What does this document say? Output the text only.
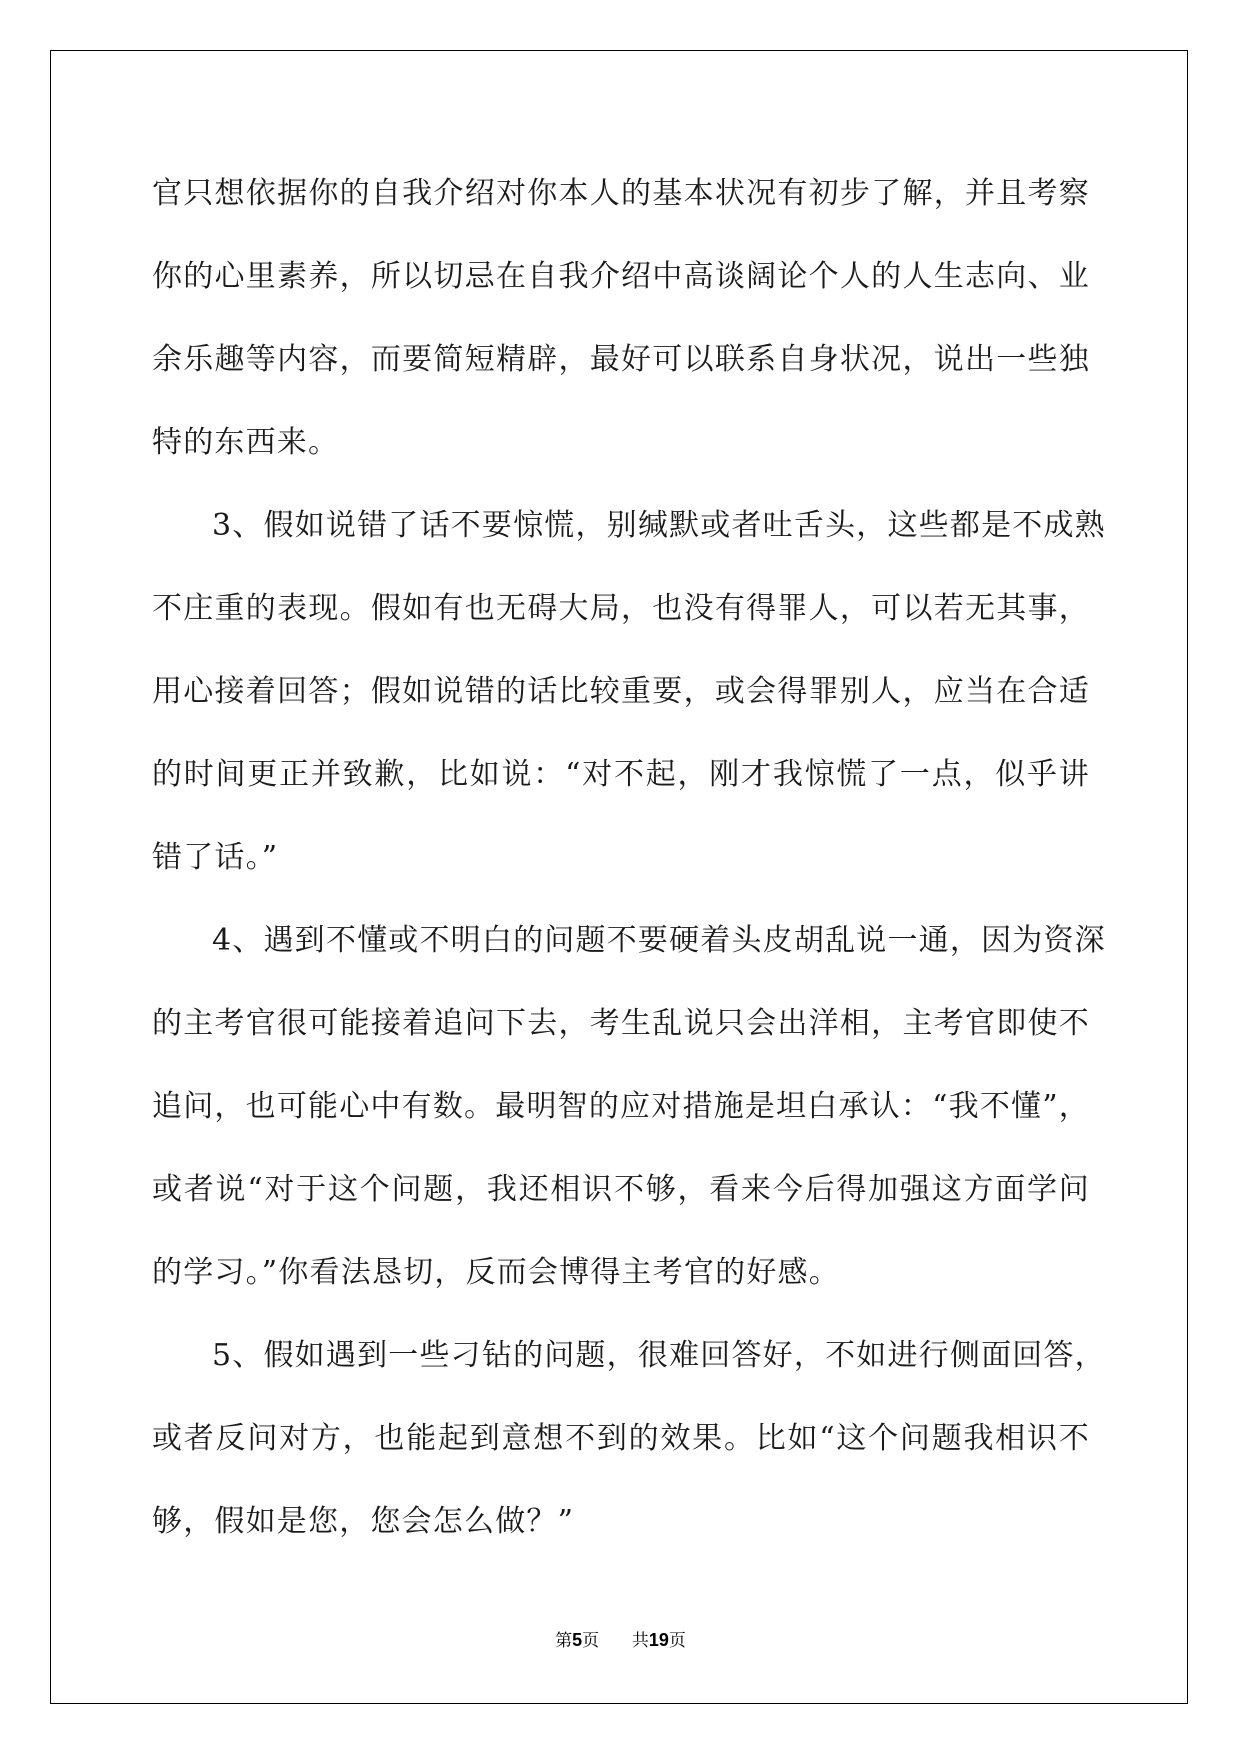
官只想依据你的自我介绍对你本人的基本状况有初步了解，并且考察
你的心里素养，所以切忌在自我介绍中高谈阔论个人的人生志向、业
余乐趣等内容，而要简短精辟，最好可以联系自身状况，说出一些独
特的东西来。
3、假如说错了话不要惊慌，别缄默或者吐舌头，这些都是不成熟
不庄重的表现。假如有也无碍大局，也没有得罪人，可以若无其事，
用心接着回答；假如说错的话比较重要，或会得罪别人，应当在合适
的时间更正并致歉，比如说：“对不起，刚才我惊慌了一点，似乎讲
错了话。”
4、遇到不懂或不明白的问题不要硬着头皮胡乱说一通，因为资深
的主考官很可能接着追问下去，考生乱说只会出洋相，主考官即使不
追问，也可能心中有数。最明智的应对措施是坦白承认：“我不懂”，
或者说“对于这个问题，我还相识不够，看来今后得加强这方面学问
的学习。”你看法恳切，反而会博得主考官的好感。
5、假如遇到一些刁钻的问题，很难回答好，不如进行侧面回答，
或者反问对方，也能起到意想不到的效果。比如“这个问题我相识不
够，假如是您，您会怎么做？”
第5页 共19页
